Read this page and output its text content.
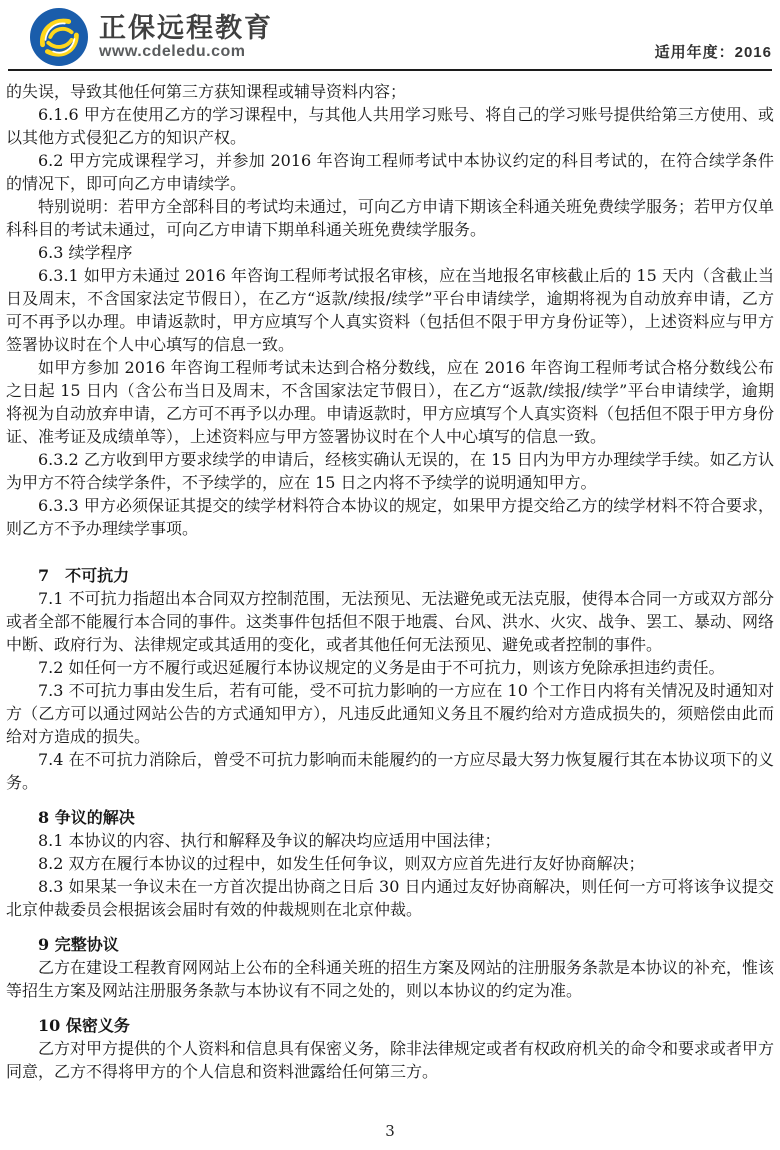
正保远程教育
www.cdeledu.com	适用年度：2016

的失误，导致其他任何第三方获知课程或辅导资料内容；

6.1.6 甲方在使用乙方的学习课程中，与其他人共用学习账号、将自己的学习账号提供给第三方使用、或以其他方式侵犯乙方的知识产权。

6.2 甲方完成课程学习，并参加 2016 年咨询工程师考试中本协议约定的科目考试的，在符合续学条件的情况下，即可向乙方申请续学。

特别说明：若甲方全部科目的考试均未通过，可向乙方申请下期该全科通关班免费续学服务；若甲方仅单科科目的考试未通过，可向乙方申请下期单科通关班免费续学服务。

6.3 续学程序

6.3.1 如甲方未通过 2016 年咨询工程师考试报名审核，应在当地报名审核截止后的 15 天内（含截止当日及周末，不含国家法定节假日），在乙方“返款/续报/续学”平台申请续学，逾期将视为自动放弃申请，乙方可不再予以办理。申请返款时，甲方应填写个人真实资料（包括但不限于甲方身份证等），上述资料应与甲方签署协议时在个人中心填写的信息一致。

如甲方参加 2016 年咨询工程师考试未达到合格分数线，应在 2016 年咨询工程师考试合格分数线公布之日起 15 日内（含公布当日及周末，不含国家法定节假日），在乙方“返款/续报/续学”平台申请续学，逾期将视为自动放弃申请，乙方可不再予以办理。申请返款时，甲方应填写个人真实资料（包括但不限于甲方身份证、准考证及成绩单等），上述资料应与甲方签署协议时在个人中心填写的信息一致。

6.3.2 乙方收到甲方要求续学的申请后，经核实确认无误的，在 15 日内为甲方办理续学手续。如乙方认为甲方不符合续学条件，不予续学的，应在 15 日之内将不予续学的说明通知甲方。

6.3.3 甲方必须保证其提交的续学材料符合本协议的规定，如果甲方提交给乙方的续学材料不符合要求，则乙方不予办理续学事项。

7　不可抗力

7.1 不可抗力指超出本合同双方控制范围，无法预见、无法避免或无法克服，使得本合同一方或双方部分或者全部不能履行本合同的事件。这类事件包括但不限于地震、台风、洪水、火灾、战争、罢工、暴动、网络中断、政府行为、法律规定或其适用的变化，或者其他任何无法预见、避免或者控制的事件。

7.2 如任何一方不履行或迟延履行本协议规定的义务是由于不可抗力，则该方免除承担违约责任。

7.3 不可抗力事由发生后，若有可能，受不可抗力影响的一方应在 10 个工作日内将有关情况及时通知对方（乙方可以通过网站公告的方式通知甲方），凡违反此通知义务且不履约给对方造成损失的，须赔偿由此而给对方造成的损失。

7.4 在不可抗力消除后，曾受不可抗力影响而未能履约的一方应尽最大努力恢复履行其在本协议项下的义务。

8 争议的解决

8.1 本协议的内容、执行和解释及争议的解决均应适用中国法律；

8.2 双方在履行本协议的过程中，如发生任何争议，则双方应首先进行友好协商解决；

8.3 如果某一争议未在一方首次提出协商之日后 30 日内通过友好协商解决，则任何一方可将该争议提交北京仲裁委员会根据该会届时有效的仲裁规则在北京仲裁。

9 完整协议

乙方在建设工程教育网网站上公布的全科通关班的招生方案及网站的注册服务条款是本协议的补充，惟该等招生方案及网站注册服务条款与本协议有不同之处的，则以本协议的约定为准。

10 保密义务

乙方对甲方提供的个人资料和信息具有保密义务，除非法律规定或者有权政府机关的命令和要求或者甲方同意，乙方不得将甲方的个人信息和资料泄露给任何第三方。

3
